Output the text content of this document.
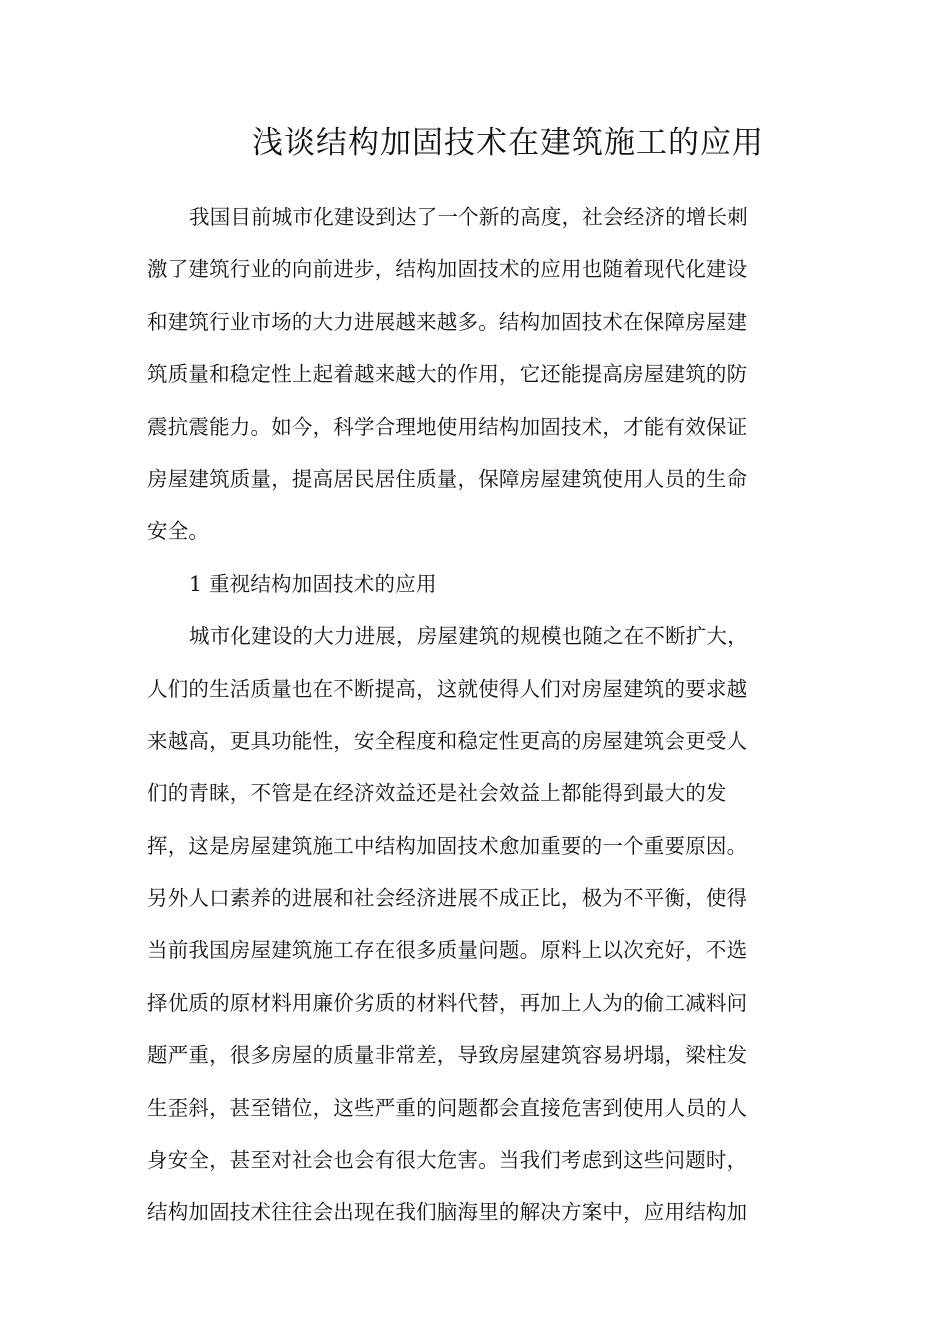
浅谈结构加固技术在建筑施工的应用
我国目前城市化建设到达了一个新的高度，社会经济的增长刺
激了建筑行业的向前进步，结构加固技术的应用也随着现代化建设
和建筑行业市场的大力进展越来越多。结构加固技术在保障房屋建
筑质量和稳定性上起着越来越大的作用，它还能提高房屋建筑的防
震抗震能力。如今，科学合理地使用结构加固技术，才能有效保证
房屋建筑质量，提高居民居住质量，保障房屋建筑使用人员的生命
安全。
1 重视结构加固技术的应用
城市化建设的大力进展，房屋建筑的规模也随之在不断扩大，
人们的生活质量也在不断提高，这就使得人们对房屋建筑的要求越
来越高，更具功能性，安全程度和稳定性更高的房屋建筑会更受人
们的青睐，不管是在经济效益还是社会效益上都能得到最大的发
挥，这是房屋建筑施工中结构加固技术愈加重要的一个重要原因。
另外人口素养的进展和社会经济进展不成正比，极为不平衡，使得
当前我国房屋建筑施工存在很多质量问题。原料上以次充好，不选
择优质的原材料用廉价劣质的材料代替，再加上人为的偷工减料问
题严重，很多房屋的质量非常差，导致房屋建筑容易坍塌，梁柱发
生歪斜，甚至错位，这些严重的问题都会直接危害到使用人员的人
身安全，甚至对社会也会有很大危害。当我们考虑到这些问题时，
结构加固技术往往会出现在我们脑海里的解决方案中，应用结构加
